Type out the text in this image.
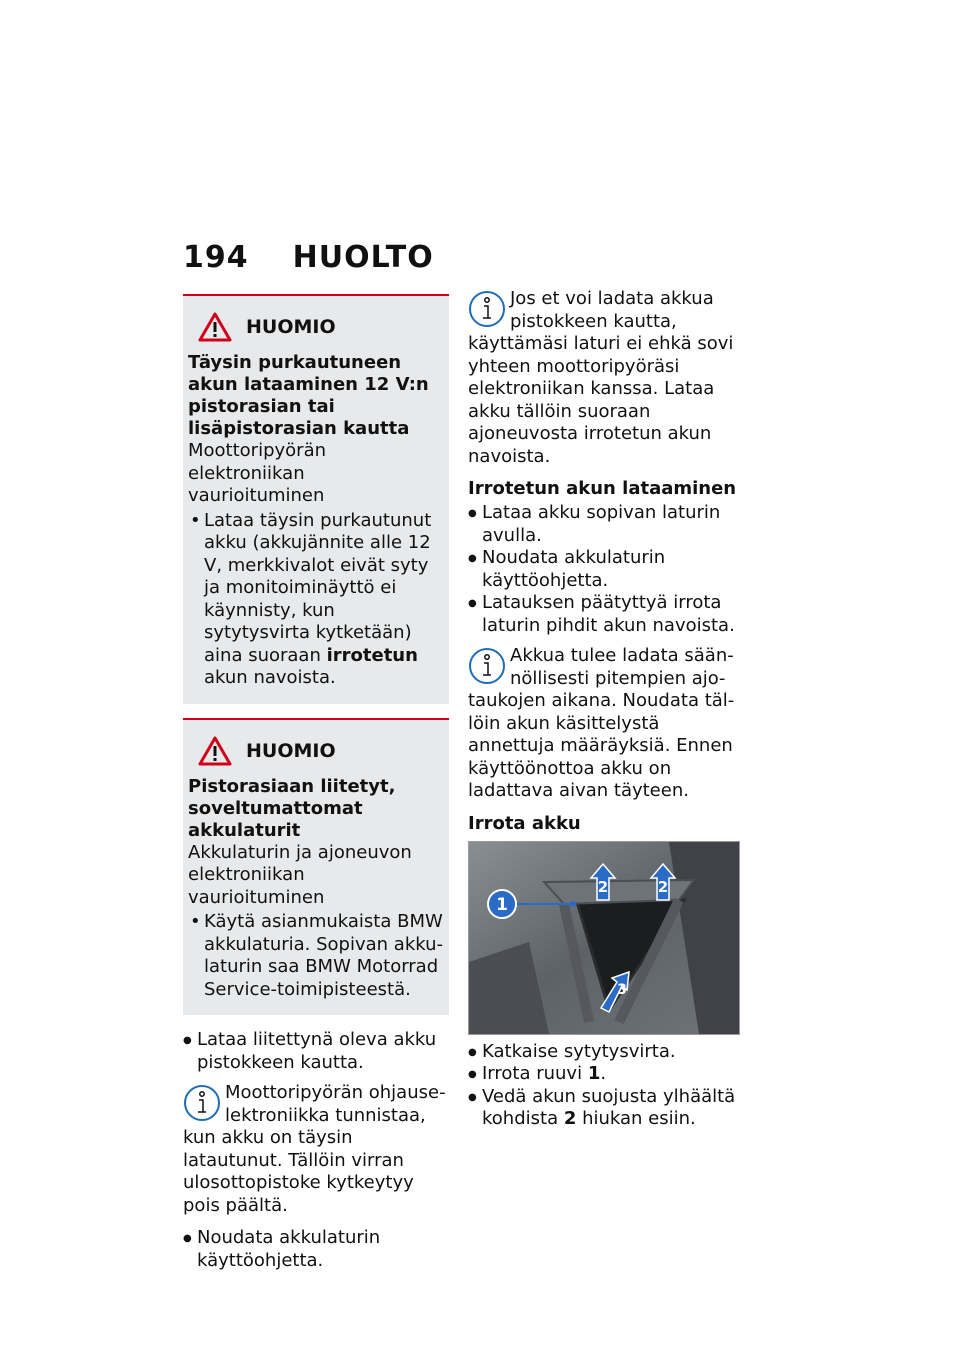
194 HUOLTO
HUOMIO
Täysin purkautuneen akun lataaminen 12 V:n pistorasian tai lisäpistorasian kautta

Moottoripyörän elektroniikan vaurioituminen

• Lataa täysin purkautunut akku (akkujännite alle 12 V, merkkivalot eivät syty ja monitoiminäyttö ei käynnisty, kun sytytysvirta kytketään) aina suoraan irrotetun akun navoista.
HUOMIO
Pistorasiaan liitetyt, soveltumattomat akkulaturit

Akkulaturin ja ajoneuvon elektroniikan vaurioituminen

• Käytä asianmukaista BMW akkulaturia. Sopivan akkulaturin saa BMW Motorrad Service-toimipisteestä.
● Lataa liitettynä oleva akku pistokkeen kautta.

Moottoripyörän ohjauselektroniikka tunnistaa, kun akku on täysin latautunut. Tällöin virran ulosottopistoke kytkeytyy pois päältä.

● Noudata akkulaturin käyttöohjetta.

Jos et voi ladata akkua pistokkeen kautta, käyttämäsi laturi ei ehkä sovi yhteen moottoripyöräsi elektroniikan kanssa. Lataa akku tällöin suoraan ajoneuvosta irrotetun akun navoista.

Irrotetun akun lataaminen
● Lataa akku sopivan laturin avulla.
● Noudata akkulaturin käyttöohjetta.
● Latauksen päätyttyä irrota laturin pihdit akun navoista.

Akkua tulee ladata säännöllisesti pitempien ajotaukojen aikana. Noudata tällöin akun käsittelystä annettuja määräyksiä. Ennen käyttöönottoa akku on ladattava aivan täyteen.

Irrota akku
1
2	2
3
● Katkaise sytytysvirta.
● Irrota ruuvi 1.
● Vedä akun suojusta ylhäältä kohdista 2 hiukan esiin.
